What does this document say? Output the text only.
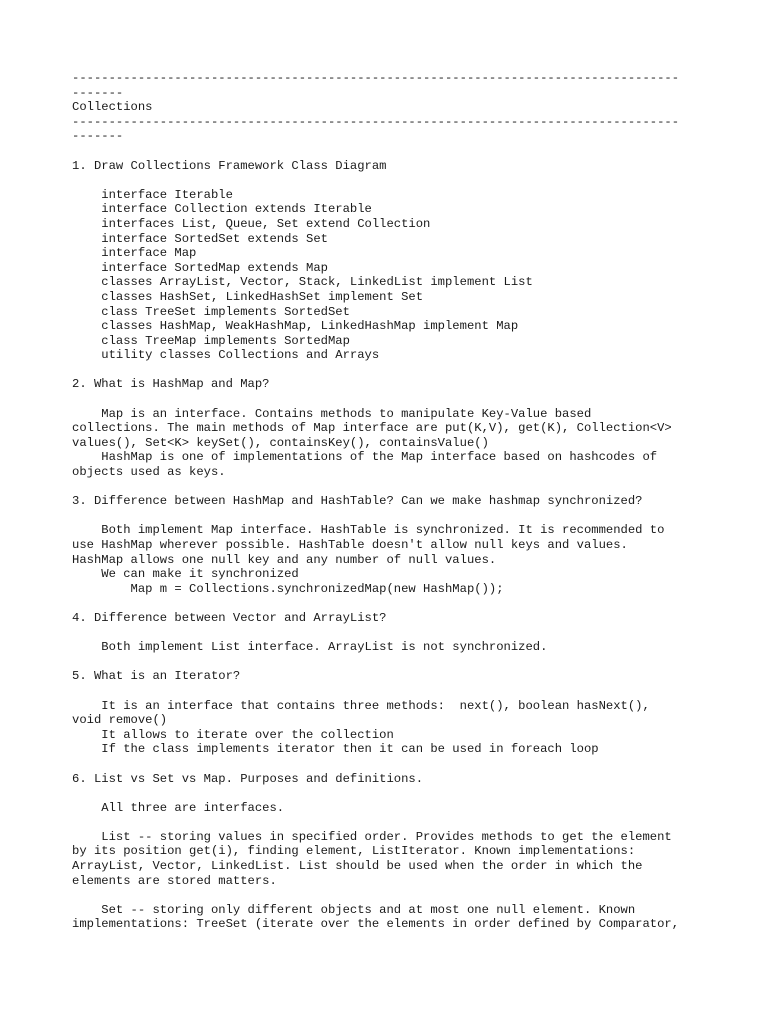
-----------------------------------------------------------------------------------
-------
Collections
-----------------------------------------------------------------------------------
-------
1. Draw Collections Framework Class Diagram
interface Iterable
interface Collection extends Iterable
interfaces List, Queue, Set extend Collection
interface SortedSet extends Set
interface Map
interface SortedMap extends Map
classes ArrayList, Vector, Stack, LinkedList implement List
classes HashSet, LinkedHashSet implement Set
class TreeSet implements SortedSet
classes HashMap, WeakHashMap, LinkedHashMap implement Map
class TreeMap implements SortedMap
utility classes Collections and Arrays
2. What is HashMap and Map?
Map is an interface. Contains methods to manipulate Key-Value based
collections. The main methods of Map interface are put(K,V), get(K), Collection<V>
values(), Set<K> keySet(), containsKey(), containsValue()
HashMap is one of implementations of the Map interface based on hashcodes of
objects used as keys.
3. Difference between HashMap and HashTable? Can we make hashmap synchronized?
Both implement Map interface. HashTable is synchronized. It is recommended to
use HashMap wherever possible. HashTable doesn't allow null keys and values.
HashMap allows one null key and any number of null values.
We can make it synchronized
Map m = Collections.synchronizedMap(new HashMap());
4. Difference between Vector and ArrayList?
Both implement List interface. ArrayList is not synchronized.
5. What is an Iterator?
It is an interface that contains three methods:  next(), boolean hasNext(),
void remove()
It allows to iterate over the collection
If the class implements iterator then it can be used in foreach loop
6. List vs Set vs Map. Purposes and definitions.
All three are interfaces.
List -- storing values in specified order. Provides methods to get the element
by its position get(i), finding element, ListIterator. Known implementations:
ArrayList, Vector, LinkedList. List should be used when the order in which the
elements are stored matters.
Set -- storing only different objects and at most one null element. Known
implementations: TreeSet (iterate over the elements in order defined by Comparator,
